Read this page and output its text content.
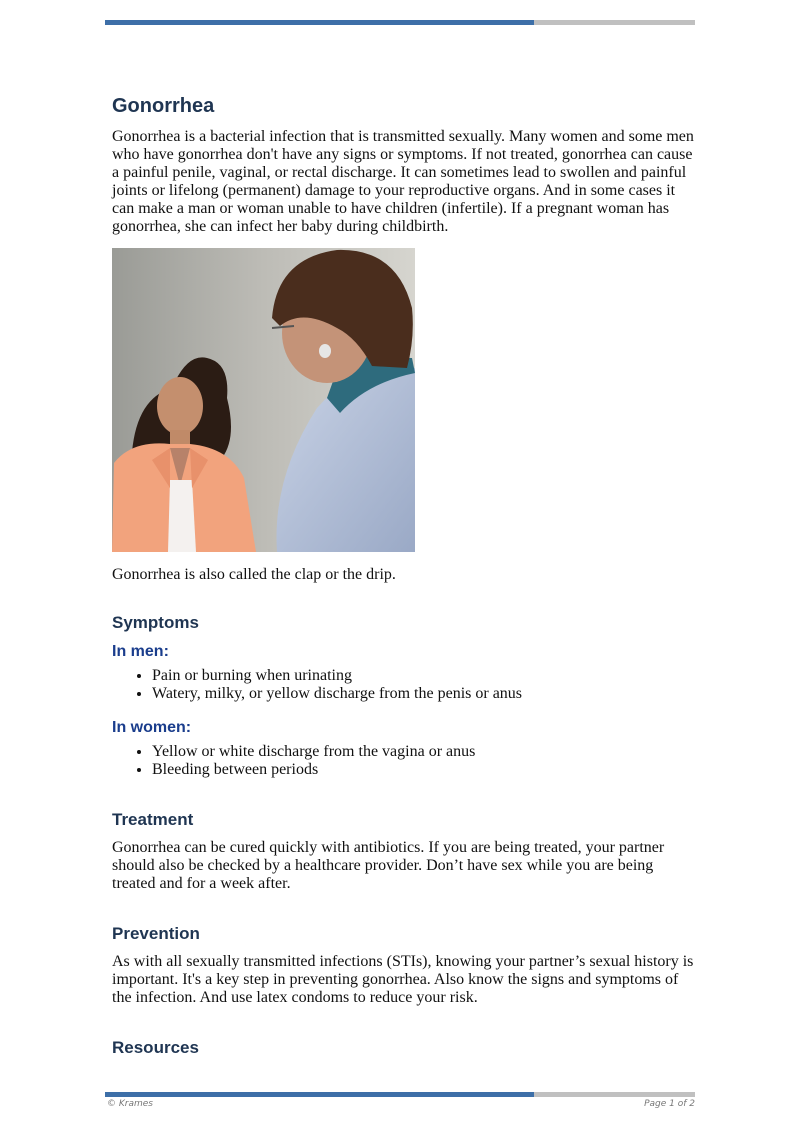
Gonorrhea

Gonorrhea is a bacterial infection that is transmitted sexually. Many women and some men who have gonorrhea don't have any signs or symptoms. If not treated, gonorrhea can cause a painful penile, vaginal, or rectal discharge. It can sometimes lead to swollen and painful joints or lifelong (permanent) damage to your reproductive organs. And in some cases it can make a man or woman unable to have children (infertile). If a pregnant woman has gonorrhea, she can infect her baby during childbirth.

Gonorrhea is also called the clap or the drip.

Symptoms
In men:
• Pain or burning when urinating
• Watery, milky, or yellow discharge from the penis or anus
In women:
• Yellow or white discharge from the vagina or anus
• Bleeding between periods
Treatment

Gonorrhea can be cured quickly with antibiotics. If you are being treated, your partner should also be checked by a healthcare provider. Don’t have sex while you are being treated and for a week after.

Prevention

As with all sexually transmitted infections (STIs), knowing your partner’s sexual history is important. It's a key step in preventing gonorrhea. Also know the signs and symptoms of the infection. And use latex condoms to reduce your risk.

Resources
© Krames	Page 1 of 2
